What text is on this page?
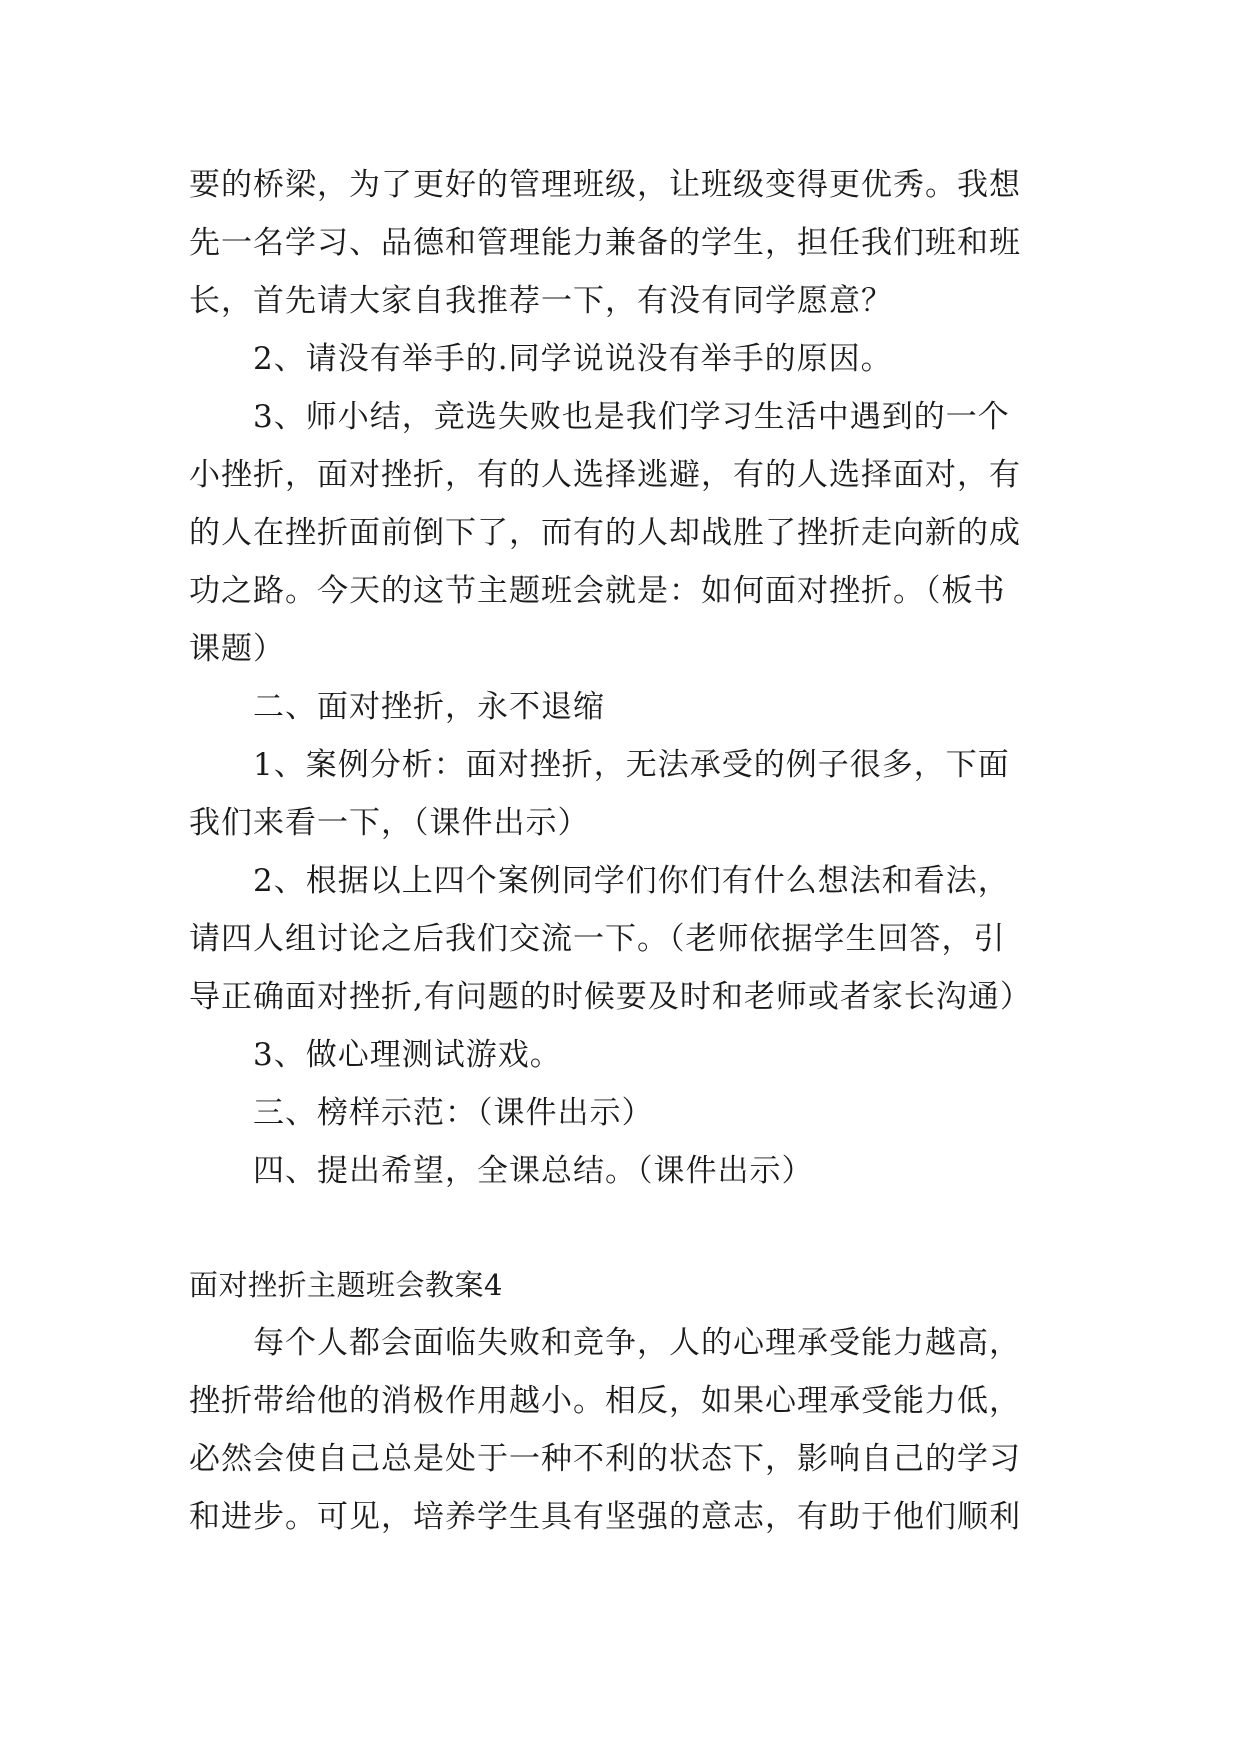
要的桥梁，为了更好的管理班级，让班级变得更优秀。我想
先一名学习、品德和管理能力兼备的学生，担任我们班和班
长，首先请大家自我推荐一下，有没有同学愿意？
2、请没有举手的.同学说说没有举手的原因。
3、师小结，竞选失败也是我们学习生活中遇到的一个
小挫折，面对挫折，有的人选择逃避，有的人选择面对，有
的人在挫折面前倒下了，而有的人却战胜了挫折走向新的成
功之路。今天的这节主题班会就是：如何面对挫折。（板书
课题）
二、面对挫折，永不退缩
1、案例分析：面对挫折，无法承受的例子很多，下面
我们来看一下，（课件出示）
2、根据以上四个案例同学们你们有什么想法和看法，
请四人组讨论之后我们交流一下。（老师依据学生回答，引
导正确面对挫折,有问题的时候要及时和老师或者家长沟通）
3、做心理测试游戏。
三、榜样示范：（课件出示）
四、提出希望，全课总结。（课件出示）
面对挫折主题班会教案4
每个人都会面临失败和竞争，人的心理承受能力越高，
挫折带给他的消极作用越小。相反，如果心理承受能力低，
必然会使自己总是处于一种不利的状态下，影响自己的学习
和进步。可见，培养学生具有坚强的意志，有助于他们顺利
